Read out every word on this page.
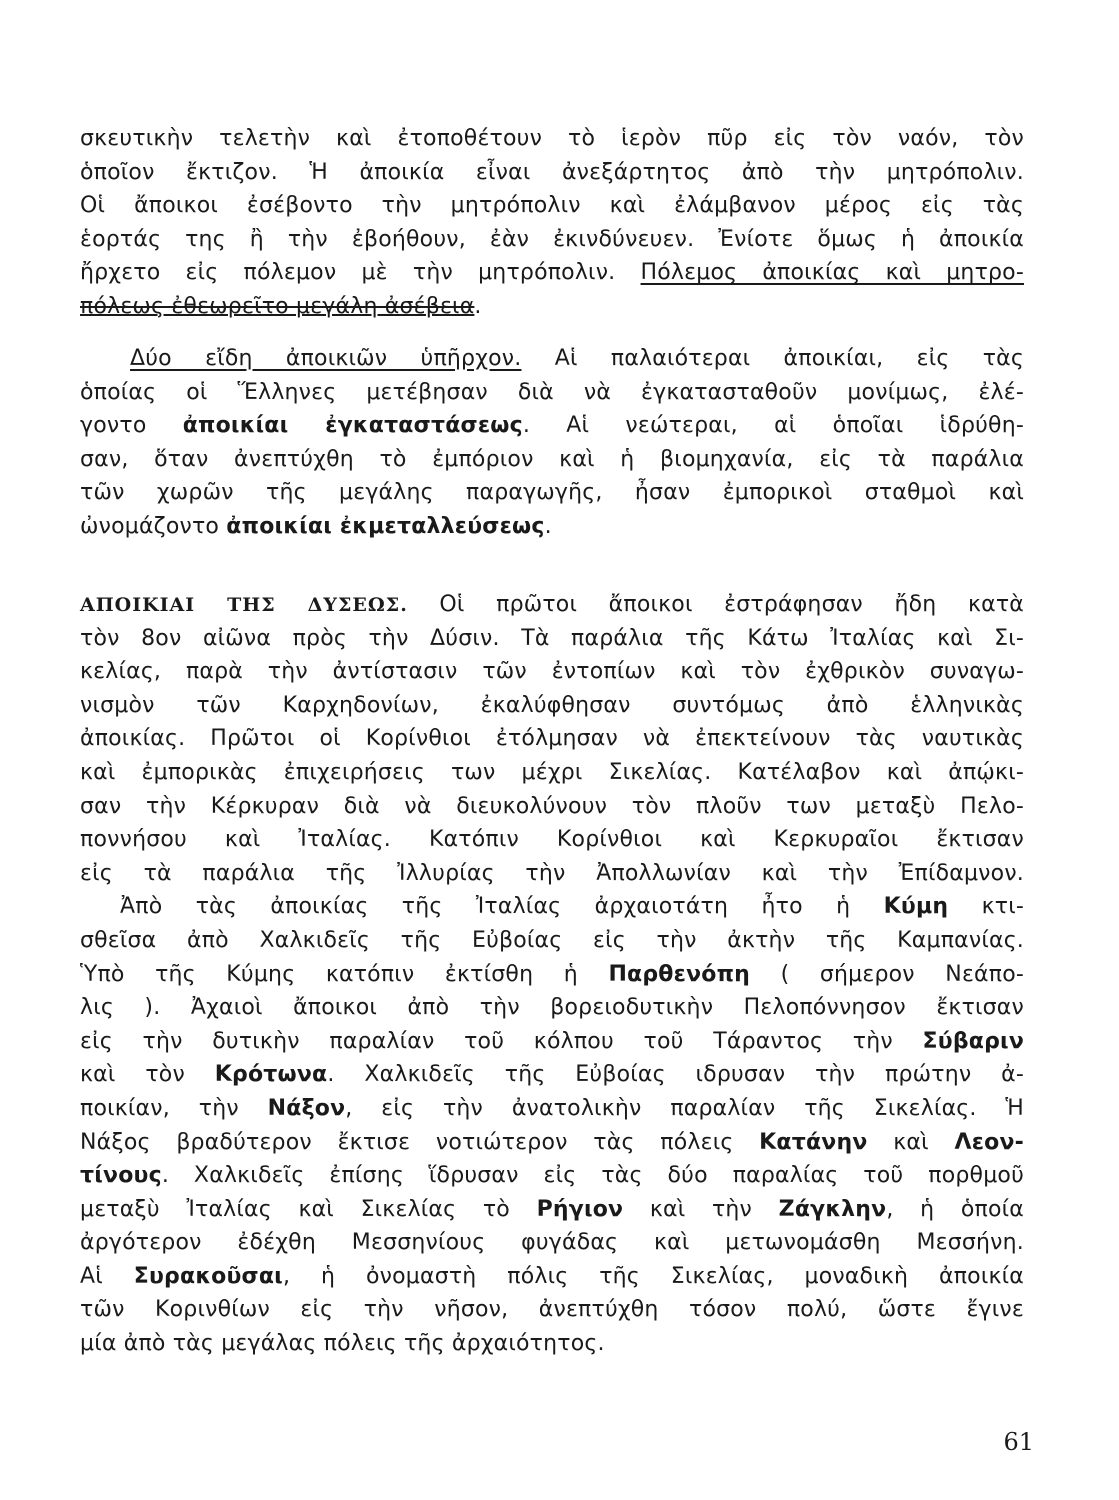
σκευτικὴν τελετὴν καὶ ἐτοποθέτουν τὸ ἱερὸν πῦρ εἰς τὸν ναόν, τὸν
ὁποῖον ἔκτιζον. Ἡ ἀποικία εἶναι ἀνεξάρτητος ἀπὸ τὴν μητρόπολιν.
Οἱ ἄποικοι ἐσέβοντο τὴν μητρόπολιν καὶ ἐλάμβανον μέρος εἰς τὰς
ἑορτάς της ἢ τὴν ἐβοήθουν, ἐὰν ἐκινδύνευεν. Ἐνίοτε ὅμως ἡ ἀποικία
ἤρχετο εἰς πόλεμον μὲ τὴν μητρόπολιν. Πόλεμος ἀποικίας καὶ μητρο-
πόλεως ἐθεωρεῖτο μεγάλη ἀσέβεια.
Δύο εἴδη ἀποικιῶν ὑπῆρχον. Αἱ παλαιότεραι ἀποικίαι, εἰς τὰς
ὁποίας οἱ Ἕλληνες μετέβησαν διὰ νὰ ἐγκατασταθοῦν μονίμως, ἐλέ-
γοντο ἀποικίαι ἐγκαταστάσεως. Αἱ νεώτεραι, αἱ ὁποῖαι ἱδρύθη-
σαν, ὅταν ἀνεπτύχθη τὸ ἐμπόριον καὶ ἡ βιομηχανία, εἰς τὰ παράλια
τῶν χωρῶν τῆς μεγάλης παραγωγῆς, ἦσαν ἐμπορικοὶ σταθμοὶ καὶ
ὠνομάζοντο ἀποικίαι ἐκμεταλλεύσεως.
ΑΠΟΙΚΙΑΙ ΤΗΣ ΔΥΣΕΩΣ. Οἱ πρῶτοι ἄποικοι ἐστράφησαν ἤδη κατὰ
τὸν 8ον αἰῶνα πρὸς τὴν Δύσιν. Τὰ παράλια τῆς Κάτω Ἰταλίας καὶ Σι-
κελίας, παρὰ τὴν ἀντίστασιν τῶν ἐντοπίων καὶ τὸν ἐχθρικὸν συναγω-
νισμὸν τῶν Καρχηδονίων, ἐκαλύφθησαν συντόμως ἀπὸ ἑλληνικὰς
ἀποικίας. Πρῶτοι οἱ Κορίνθιοι ἐτόλμησαν νὰ ἐπεκτείνουν τὰς ναυτικὰς
καὶ ἐμπορικὰς ἐπιχειρήσεις των μέχρι Σικελίας. Κατέλαβον καὶ ἀπῴκι-
σαν τὴν Κέρκυραν διὰ νὰ διευκολύνουν τὸν πλοῦν των μεταξὺ Πελο-
ποννήσου καὶ Ἰταλίας. Κατόπιν Κορίνθιοι καὶ Κερκυραῖοι ἔκτισαν
εἰς τὰ παράλια τῆς Ἰλλυρίας τὴν Ἀπολλωνίαν καὶ τὴν Ἐπίδαμνον.
Ἀπὸ τὰς ἀποικίας τῆς Ἰταλίας ἀρχαιοτάτη ἦτο ἡ Κύμη κτι-
σθεῖσα ἀπὸ Χαλκιδεῖς τῆς Εὐβοίας εἰς τὴν ἀκτὴν τῆς Καμπανίας.
Ὑπὸ τῆς Κύμης κατόπιν ἐκτίσθη ἡ Παρθενόπη ( σήμερον Νεάπο-
λις ). Ἀχαιοὶ ἄποικοι ἀπὸ τὴν βορειοδυτικὴν Πελοπόννησον ἔκτισαν
εἰς τὴν δυτικὴν παραλίαν τοῦ κόλπου τοῦ Τάραντος τὴν Σύβαριν
καὶ τὸν Κρότωνα. Χαλκιδεῖς τῆς Εὐβοίας ιδρυσαν τὴν πρώτην ἀ-
ποικίαν, τὴν Νάξον, εἰς τὴν ἀνατολικὴν παραλίαν τῆς Σικελίας. Ἡ
Νάξος βραδύτερον ἔκτισε νοτιώτερον τὰς πόλεις Κατάνην καὶ Λεον-
τίνους. Χαλκιδεῖς ἐπίσης ἵδρυσαν εἰς τὰς δύο παραλίας τοῦ πορθμοῦ
μεταξὺ Ἰταλίας καὶ Σικελίας τὸ Ρήγιον καὶ τὴν Ζάγκλην, ἡ ὁποία
ἀργότερον ἐδέχθη Μεσσηνίους φυγάδας καὶ μετωνομάσθη Μεσσήνη.
Αἱ Συρακοῦσαι, ἡ ὀνομαστὴ πόλις τῆς Σικελίας, μοναδικὴ ἀποικία
τῶν Κορινθίων εἰς τὴν νῆσον, ἀνεπτύχθη τόσον πολύ, ὥστε ἔγινε
μία ἀπὸ τὰς μεγάλας πόλεις τῆς ἀρχαιότητος.
61
